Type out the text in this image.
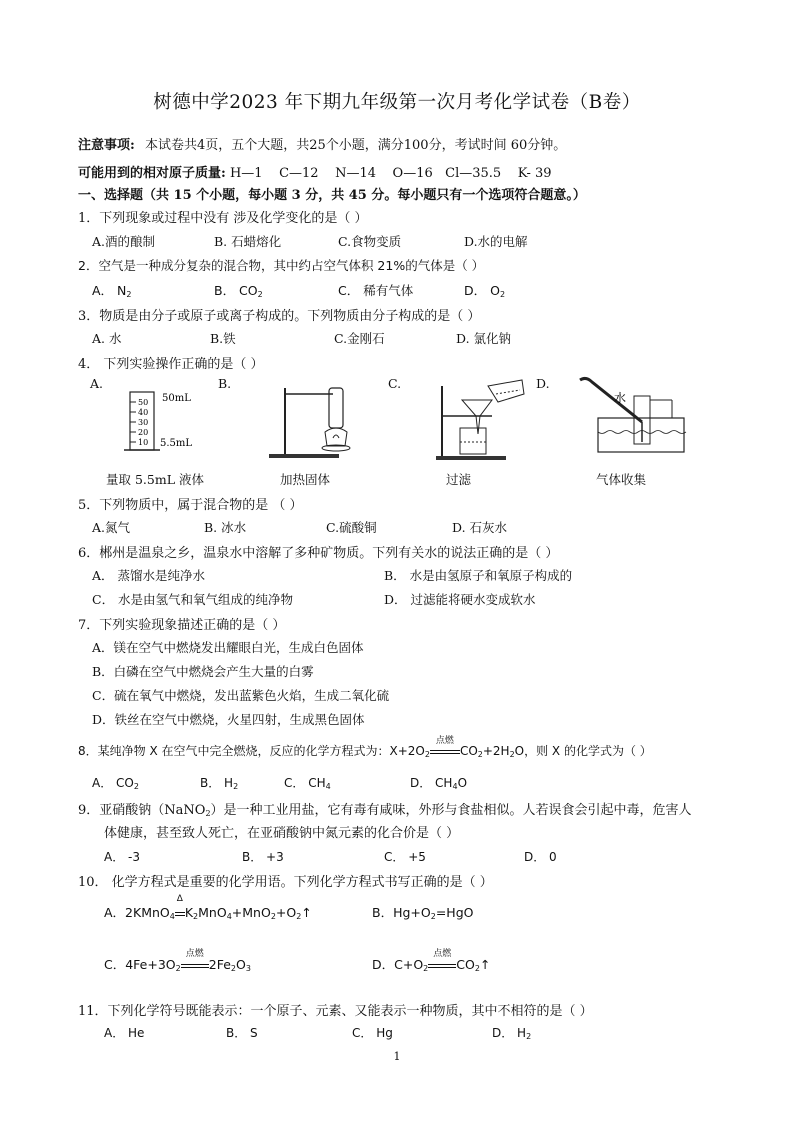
树德中学2023 年下期九年级第一次月考化学试卷（B卷）
注意事项: 本试卷共4页，五个大题，共25个小题，满分100分，考试时间 60分钟。
可能用到的相对原子质量: H—1    C—12    N—14    O—16   Cl—35.5    K- 39
一、选择题（共 15 个小题，每小题 3 分，共 45 分。每小题只有一个选项符合题意。）
1．下列现象或过程中没有 涉及化学变化的是（ ）
A.酒的酿制	B. 石蜡熔化	C.食物变质	D.水的电解
2．空气是一种成分复杂的混合物，其中约占空气体积 21%的气体是（ ）
A． $N_2$	B． $CO_2$	C． 稀有气体	D． $O_2$
3．物质是由分子或原子或离子构成的。下列物质由分子构成的是（ ）
A. 水	B.铁	C.金刚石	D. 氯化钠
4． 下列实验操作正确的是（ ）
A.	B.	C.	D.
50
40
30
20
10
50mL
5.5mL
量取 5.5mL 液体	加热固体	过滤
水
气体收集
5．下列物质中，属于混合物的是 （ ）
A.氮气	B. 冰水	C.硫酸铜	D. 石灰水
6．郴州是温泉之乡，温泉水中溶解了多种矿物质。下列有关水的说法正确的是（ ）
A． 蒸馏水是纯净水	B． 水是由氢原子和氧原子构成的
C． 水是由氢气和氧气组成的纯净物	D． 过滤能将硬水变成软水
7．下列实验现象描述正确的是（ ）
A．镁在空气中燃烧发出耀眼白光，生成白色固体
B．白磷在空气中燃烧会产生大量的白雾
C．硫在氧气中燃烧，发出蓝紫色火焰，生成二氧化硫
D．铁丝在空气中燃烧，火星四射，生成黑色固体
8．某纯净物 X 在空气中完全燃烧，反应的化学方程式为：$X+2O_2$
点燃
$CO_2+2H_2O$，则 X 的化学式为（ ）
A． $CO_2$	B． $H_2$	C． $CH_4$	D． $CH_4O$
9．亚硝酸钠（NaNO$_2$）是一种工业用盐，它有毒有咸味，外形与食盐相似。人若误食会引起中毒，危害人
体健康，甚至致人死亡，在亚硝酸钠中氮元素的化合价是（ ）
A． -3	B． +3	C． +5	D． 0
10． 化学方程式是重要的化学用语。下列化学方程式书写正确的是（ ）
A．2KMnO$_4$
Δ
$K_2MnO_4+MnO_2+O_2↑$	B．$Hg+O_2=HgO$
C．$4Fe+3O_2$
点燃
$2Fe_2O_3$	D．$C+O_2$
点燃
$CO_2↑$
11．下列化学符号既能表示：一个原子、元素、又能表示一种物质，其中不相符的是（ ）
A． He	B． S	C． Hg	D． $H_2$
1
